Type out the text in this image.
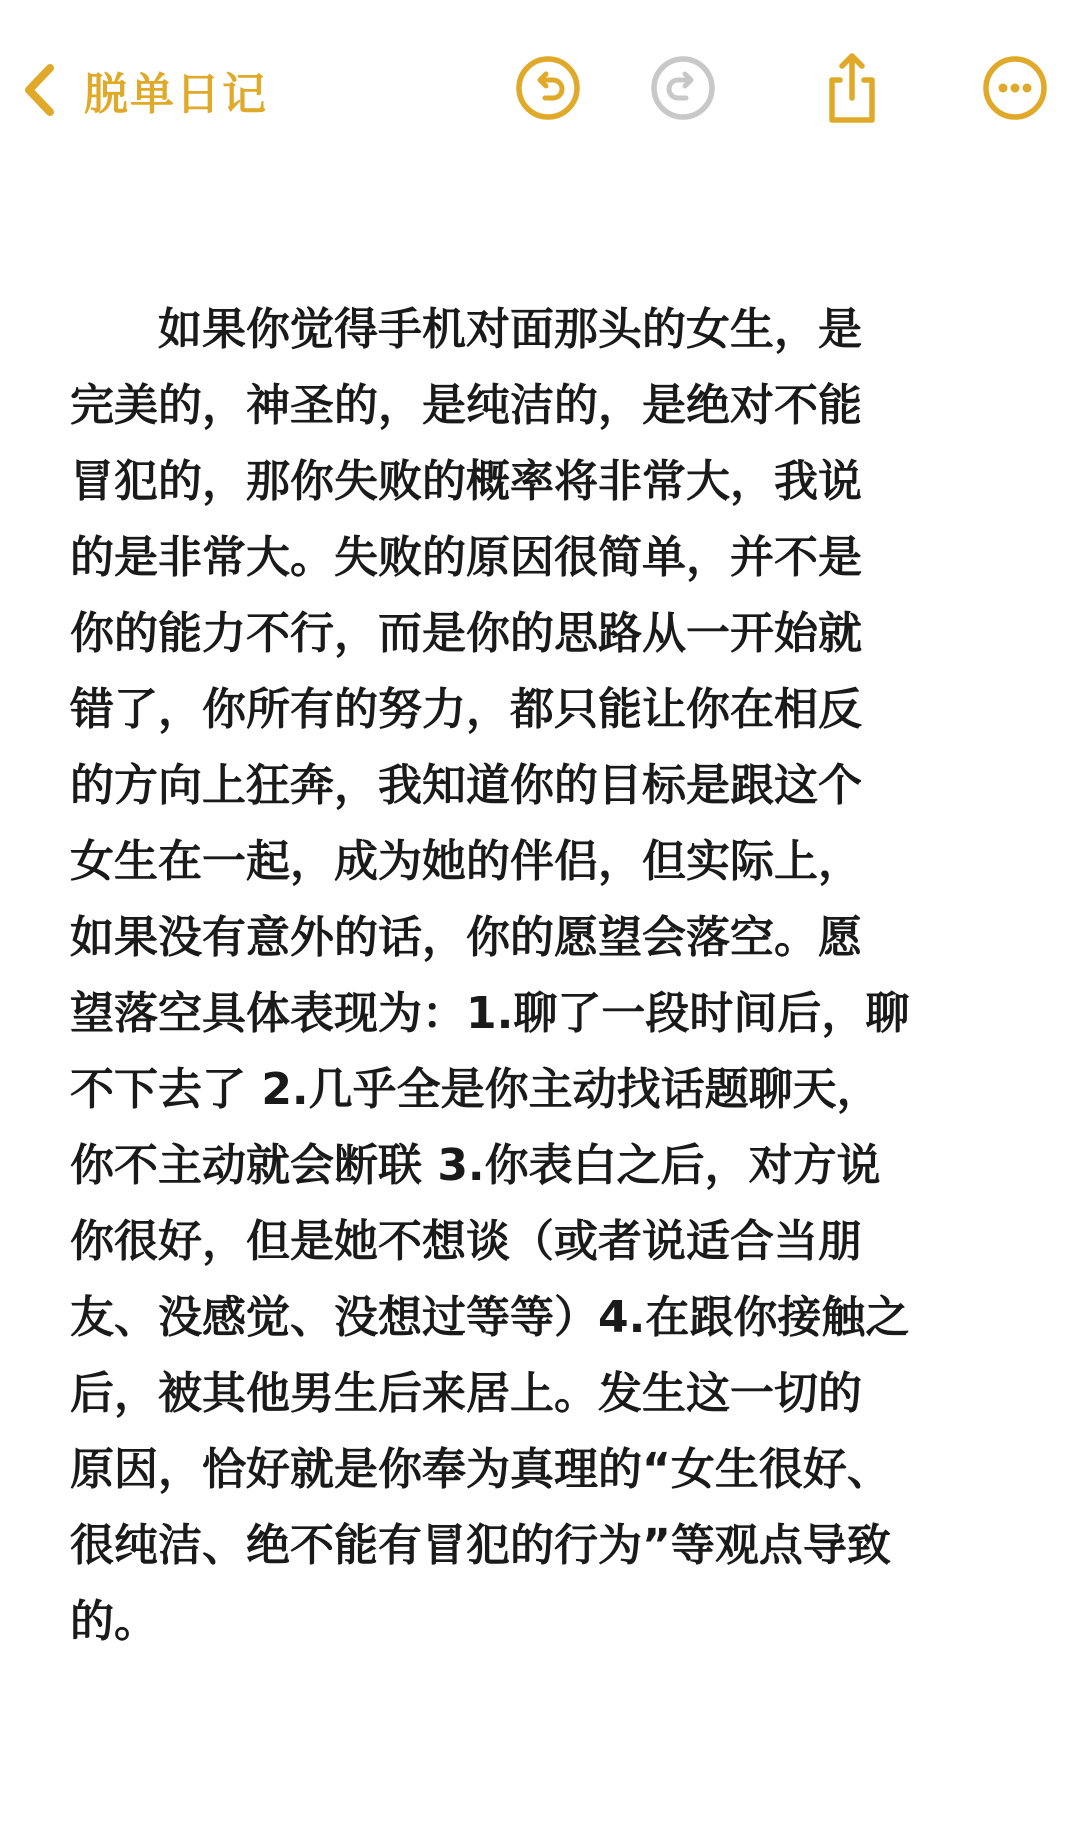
脱单日记

　　如果你觉得手机对面那头的女生，是

完美的，神圣的，是纯洁的，是绝对不能

冒犯的，那你失败的概率将非常大，我说

的是非常大。失败的原因很简单，并不是

你的能力不行，而是你的思路从一开始就

错了，你所有的努力，都只能让你在相反

的方向上狂奔，我知道你的目标是跟这个

女生在一起，成为她的伴侣，但实际上，

如果没有意外的话，你的愿望会落空。愿

望落空具体表现为：1.聊了一段时间后，聊

不下去了 2.几乎全是你主动找话题聊天，

你不主动就会断联 3.你表白之后，对方说

你很好，但是她不想谈（或者说适合当朋

友、没感觉、没想过等等）4.在跟你接触之

后，被其他男生后来居上。发生这一切的

原因，恰好就是你奉为真理的“女生很好、

很纯洁、绝不能有冒犯的行为”等观点导致

的。
